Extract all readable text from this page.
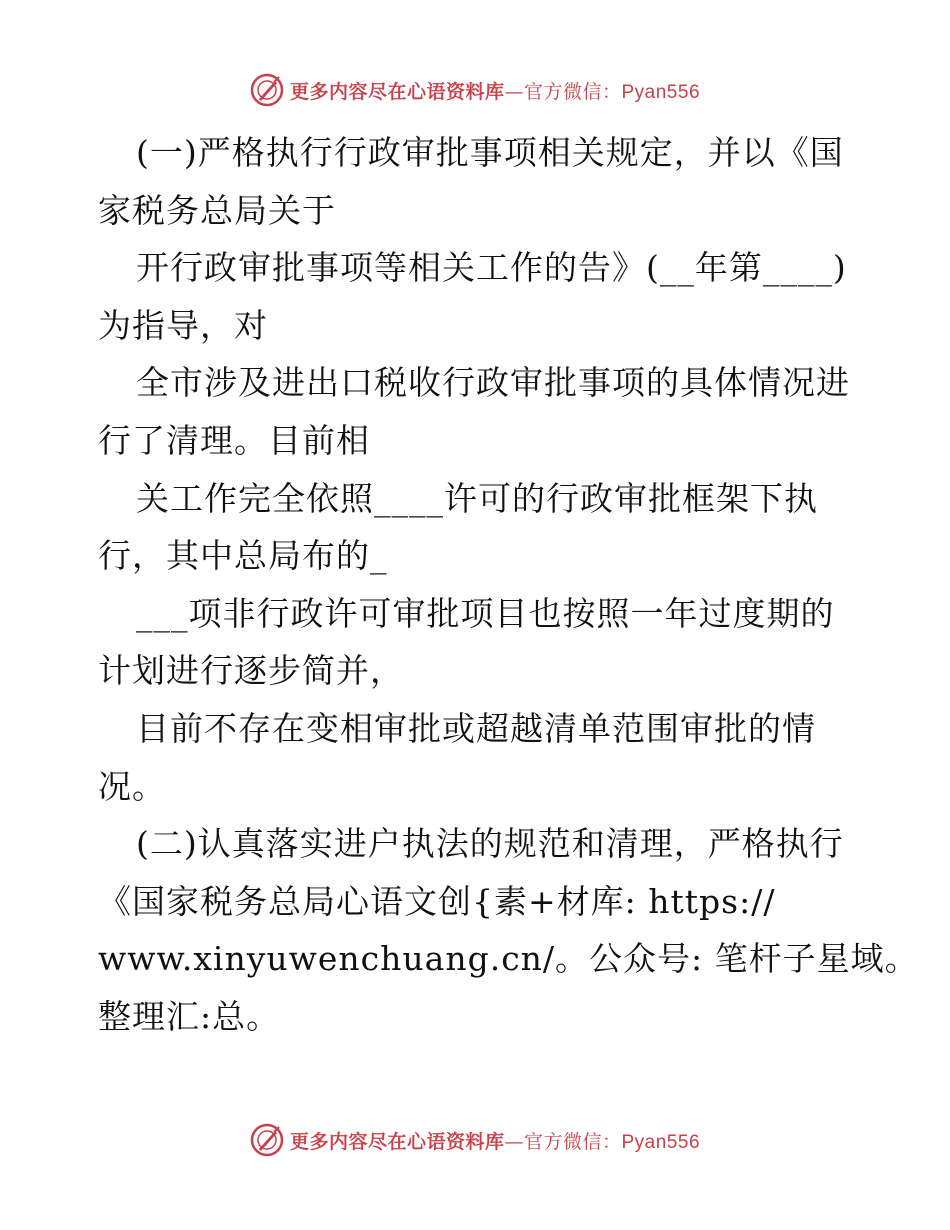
更多内容尽在心语资料库—官方微信：Pyan556
(一)严格执行行政审批事项相关规定，并以《国
家税务总局关于
开行政审批事项等相关工作的告》(__年第____)
为指导，对
全市涉及进出口税收行政审批事项的具体情况进
行了清理。目前相
关工作完全依照____许可的行政审批框架下执
行，其中总局布的_
___项非行政许可审批项目也按照一年过度期的
计划进行逐步简并，
目前不存在变相审批或超越清单范围审批的情
况。
(二)认真落实进户执法的规范和清理，严格执行
《国家税务总局心语文创{素+材库: https://
www.xinyuwenchuang.cn/。公众号: 笔杆子星域。
整理汇:总。
更多内容尽在心语资料库—官方微信：Pyan556
